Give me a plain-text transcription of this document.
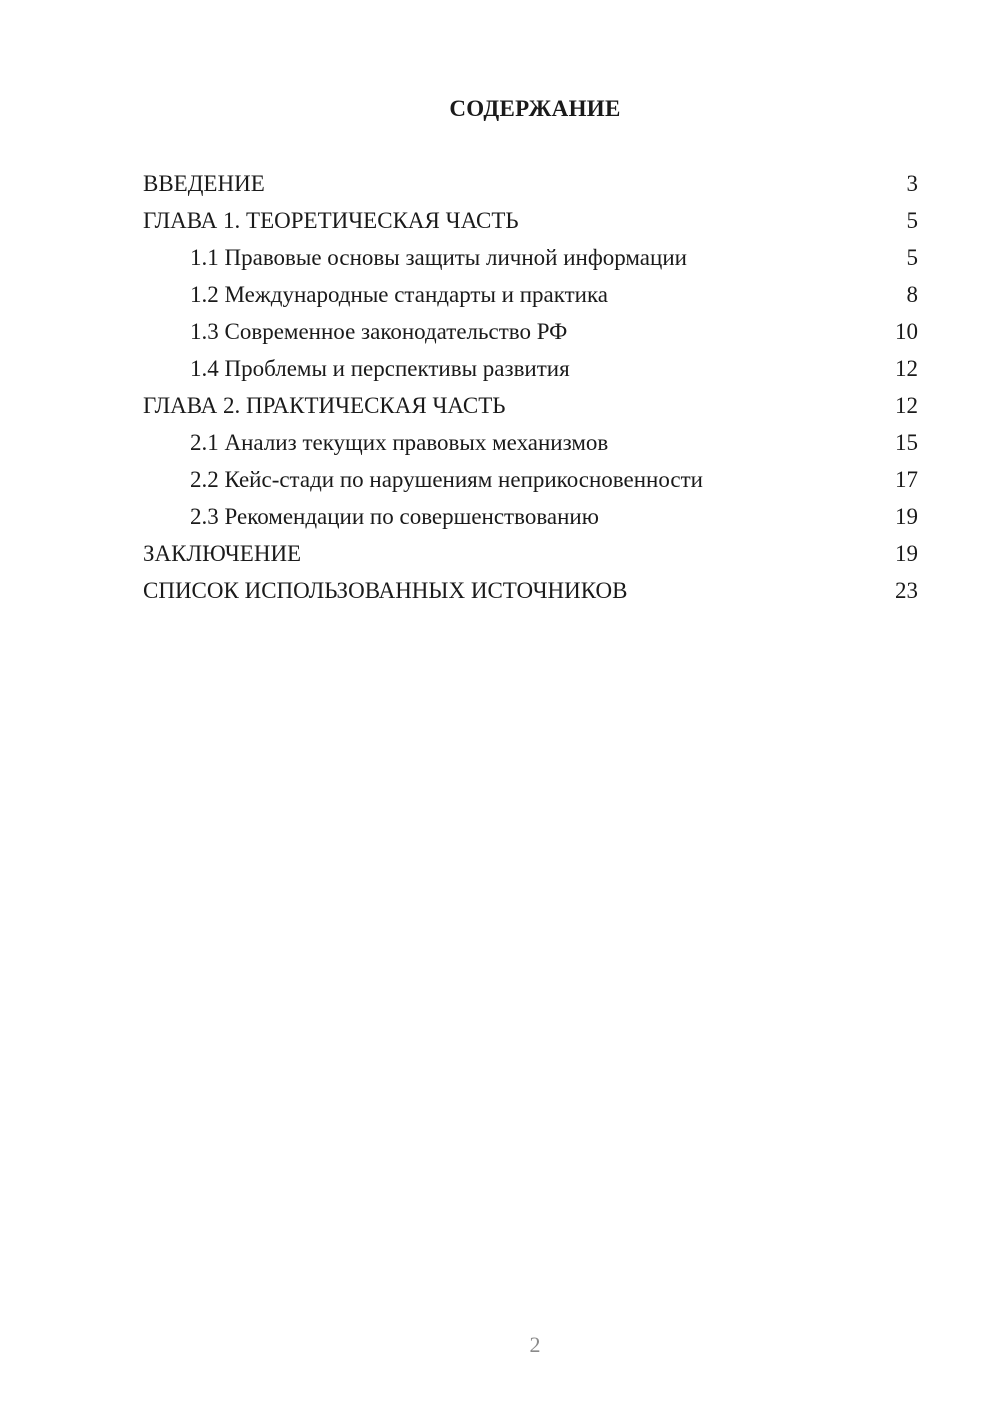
СОДЕРЖАНИЕ
ВВЕДЕНИЕ	3
ГЛАВА 1. ТЕОРЕТИЧЕСКАЯ ЧАСТЬ	5
1.1 Правовые основы защиты личной информации	5
1.2 Международные стандарты и практика	8
1.3 Современное законодательство РФ	10
1.4 Проблемы и перспективы развития	12
ГЛАВА 2. ПРАКТИЧЕСКАЯ ЧАСТЬ	12
2.1 Анализ текущих правовых механизмов	15
2.2 Кейс-стади по нарушениям неприкосновенности	17
2.3 Рекомендации по совершенствованию	19
ЗАКЛЮЧЕНИЕ	19
СПИСОК ИСПОЛЬЗОВАННЫХ ИСТОЧНИКОВ	23
2
